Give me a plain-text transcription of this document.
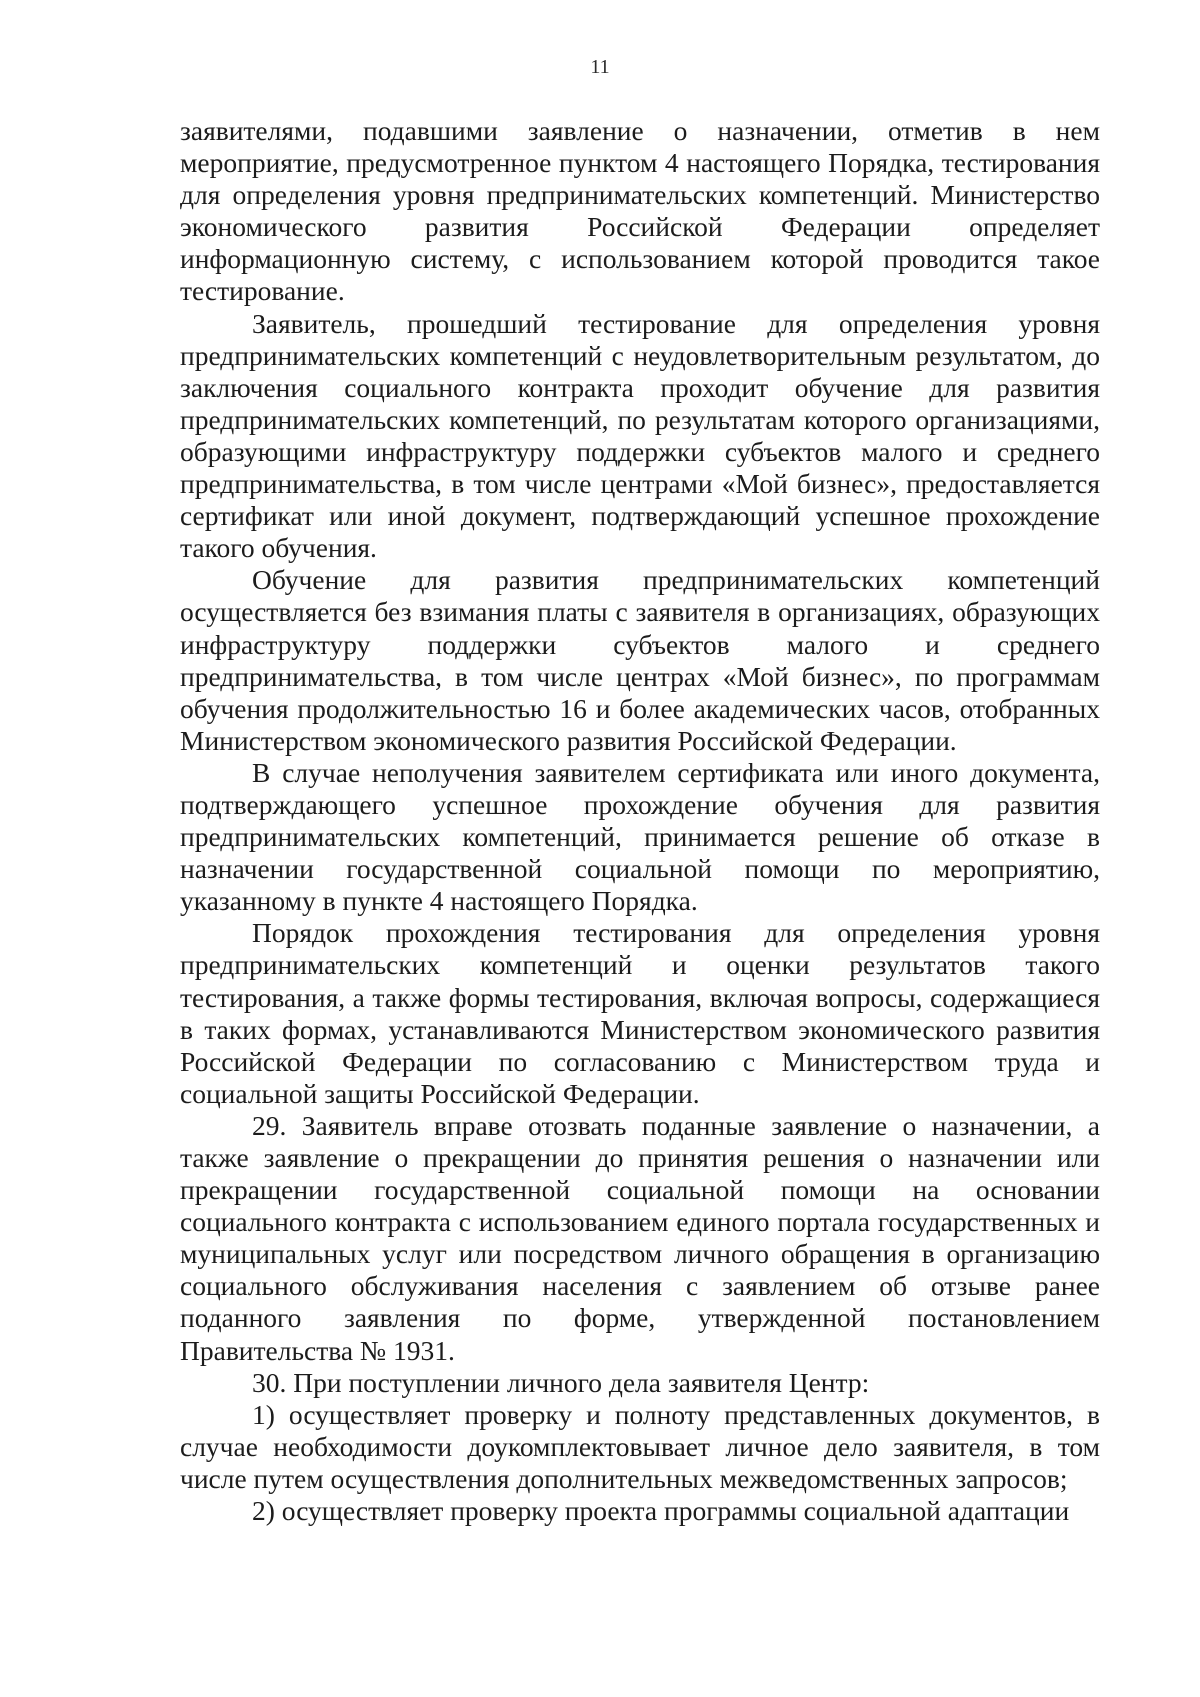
11

заявителями, подавшими заявление о назначении, отметив в нем мероприятие, предусмотренное пунктом 4 настоящего Порядка, тестирования для определения уровня предпринимательских компетенций. Министерство экономического развития Российской Федерации определяет информационную систему, с использованием которой проводится такое тестирование.

Заявитель, прошедший тестирование для определения уровня предпринимательских компетенций с неудовлетворительным результатом, до заключения социального контракта проходит обучение для развития предпринимательских компетенций, по результатам которого организациями, образующими инфраструктуру поддержки субъектов малого и среднего предпринимательства, в том числе центрами «Мой бизнес», предоставляется сертификат или иной документ, подтверждающий успешное прохождение такого обучения.

Обучение для развития предпринимательских компетенций осуществляется без взимания платы с заявителя в организациях, образующих инфраструктуру поддержки субъектов малого и среднего предпринимательства, в том числе центрах «Мой бизнес», по программам обучения продолжительностью 16 и более академических часов, отобранных Министерством экономического развития Российской Федерации.

В случае неполучения заявителем сертификата или иного документа, подтверждающего успешное прохождение обучения для развития предпринимательских компетенций, принимается решение об отказе в назначении государственной социальной помощи по мероприятию, указанному в пункте 4 настоящего Порядка.

Порядок прохождения тестирования для определения уровня предпринимательских компетенций и оценки результатов такого тестирования, а также формы тестирования, включая вопросы, содержащиеся в таких формах, устанавливаются Министерством экономического развития Российской Федерации по согласованию с Министерством труда и социальной защиты Российской Федерации.

29. Заявитель вправе отозвать поданные заявление о назначении, а также заявление о прекращении до принятия решения о назначении или прекращении государственной социальной помощи на основании социального контракта с использованием единого портала государственных и муниципальных услуг или посредством личного обращения в организацию социального обслуживания населения с заявлением об отзыве ранее поданного заявления по форме, утвержденной постановлением Правительства № 1931.

30. При поступлении личного дела заявителя Центр:

1) осуществляет проверку и полноту представленных документов, в случае необходимости доукомплектовывает личное дело заявителя, в том числе путем осуществления дополнительных межведомственных запросов;

2) осуществляет проверку проекта программы социальной адаптации
